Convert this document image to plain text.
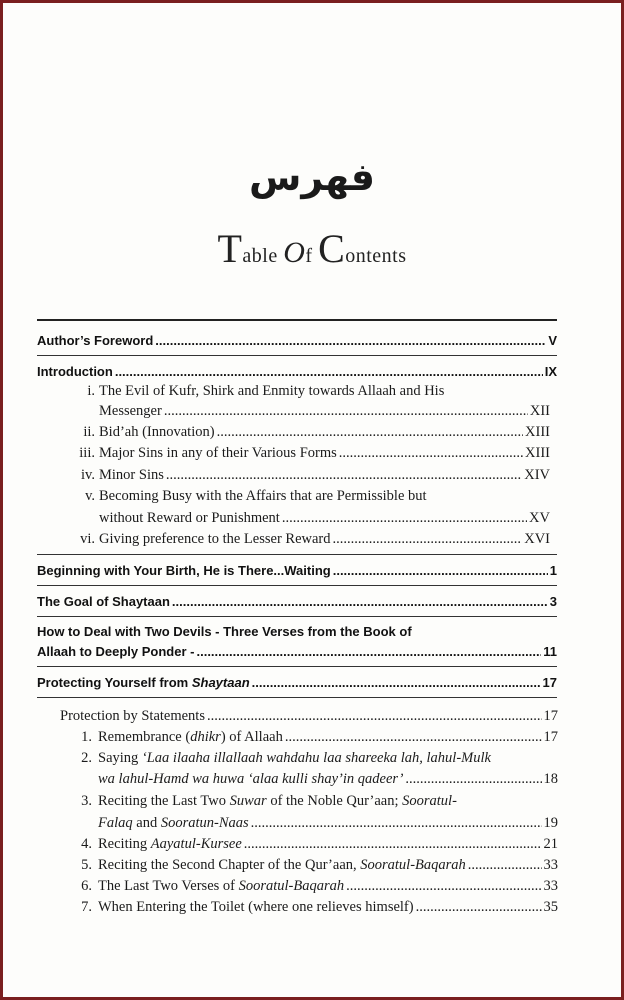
فهرس
Table Of Contents
Author’s Foreword .....	V
Introduction .....	IX
i. The Evil of Kufr, Shirk and Enmity towards Allaah and His
Messenger .....	XII
ii. Bid’ah (Innovation) .....	XIII
iii. Major Sins in any of their Various Forms .....	XIII
iv. Minor Sins .....	XIV
v. Becoming Busy with the Affairs that are Permissible but
without Reward or Punishment .....	XV
vi. Giving preference to the Lesser Reward .....	XVI
Beginning with Your Birth, He is There...Waiting .....	1
The Goal of Shaytaan .....	3
How to Deal with Two Devils - Three Verses from the Book of
Allaah to Deeply Ponder - .....	11
Protecting Yourself from Shaytaan .....	17
Protection by Statements .....	17
1. Remembrance (dhikr) of Allaah .....	17
2. Saying ‘Laa ilaaha illallaah wahdahu laa shareeka lah, lahul-Mulk
wa lahul-Hamd wa huwa ‘alaa kulli shay’in qadeer’ .....	18
3. Reciting the Last Two Suwar of the Noble Qur’aan; Sooratul-
Falaq and Sooratun-Naas .....	19
4. Reciting Aayatul-Kursee .....	21
5. Reciting the Second Chapter of the Qur’aan, Sooratul-Baqarah .....	33
6. The Last Two Verses of Sooratul-Baqarah .....	33
7. When Entering the Toilet (where one relieves himself) .....	35
